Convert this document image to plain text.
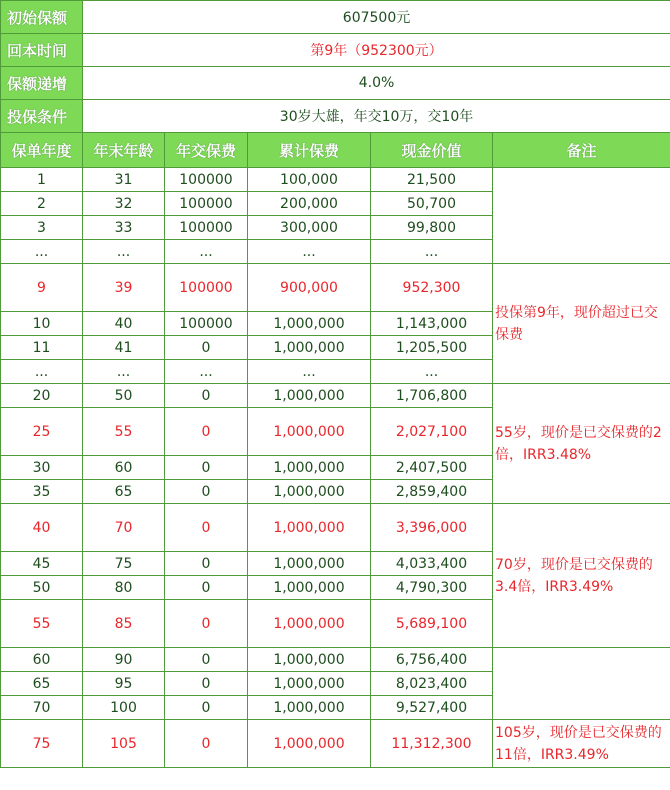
初始保额	607500元				
回本时间	第9年（952300元）				
保额递增	4.0%				
投保条件	30岁大雄，年交10万，交10年				
保单年度	年末年龄	年交保费	累计保费	现金价值	备注
1	31	100000	100,000	21,500	
2	32	100000	200,000	50,700	
3	33	100000	300,000	99,800	
...	...	...	...	...	
9	39	100000	900,000	952,300	投保第9年，现价超过已交保费
10	40	100000	1,000,000	1,143,000	
11	41	0	1,000,000	1,205,500	
...	...	...	...	...	
20	50	0	1,000,000	1,706,800	55岁，现价是已交保费的2倍，IRR3.48%
25	55	0	1,000,000	2,027,100	
30	60	0	1,000,000	2,407,500	
35	65	0	1,000,000	2,859,400	
40	70	0	1,000,000	3,396,000	70岁，现价是已交保费的3.4倍，IRR3.49%
45	75	0	1,000,000	4,033,400	
50	80	0	1,000,000	4,790,300	
55	85	0	1,000,000	5,689,100	
60	90	0	1,000,000	6,756,400	
65	95	0	1,000,000	8,023,400	
70	100	0	1,000,000	9,527,400	
75	105	0	1,000,000	11,312,300	105岁，现价是已交保费的11倍，IRR3.49%
